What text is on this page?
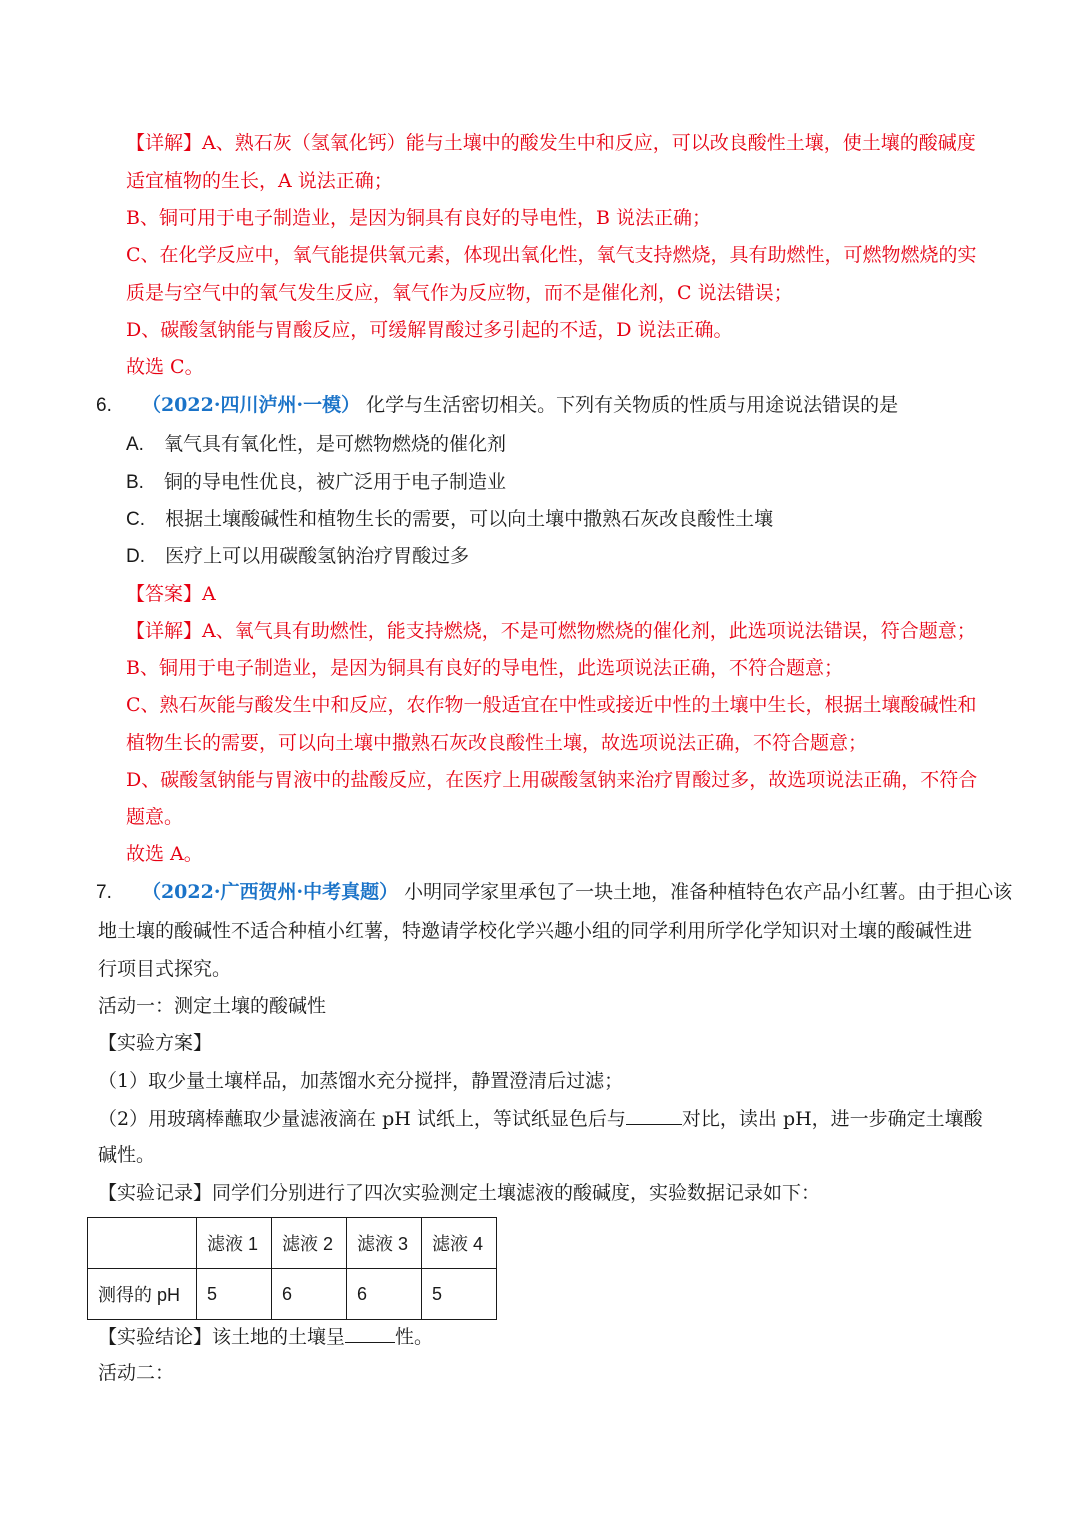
【详解】A、熟石灰（氢氧化钙）能与土壤中的酸发生中和反应，可以改良酸性土壤，使土壤的酸碱度
适宜植物的生长，A 说法正确；
B、铜可用于电子制造业，是因为铜具有良好的导电性，B 说法正确；
C、在化学反应中，氧气能提供氧元素，体现出氧化性，氧气支持燃烧，具有助燃性，可燃物燃烧的实
质是与空气中的氧气发生反应，氧气作为反应物，而不是催化剂，C 说法错误；
D、碳酸氢钠能与胃酸反应，可缓解胃酸过多引起的不适，D 说法正确。
故选 C。
6. （2022·四川泸州·一模） 化学与生活密切相关。下列有关物质的性质与用途说法错误的是
A. 氧气具有氧化性，是可燃物燃烧的催化剂
B. 铜的导电性优良，被广泛用于电子制造业
C. 根据土壤酸碱性和植物生长的需要，可以向土壤中撒熟石灰改良酸性土壤
D. 医疗上可以用碳酸氢钠治疗胃酸过多
【答案】A
【详解】A、氧气具有助燃性，能支持燃烧，不是可燃物燃烧的催化剂，此选项说法错误，符合题意；
B、铜用于电子制造业，是因为铜具有良好的导电性，此选项说法正确，不符合题意；
C、熟石灰能与酸发生中和反应，农作物一般适宜在中性或接近中性的土壤中生长，根据土壤酸碱性和
植物生长的需要，可以向土壤中撒熟石灰改良酸性土壤，故选项说法正确，不符合题意；
D、碳酸氢钠能与胃液中的盐酸反应，在医疗上用碳酸氢钠来治疗胃酸过多，故选项说法正确，不符合
题意。
故选 A。
7. （2022·广西贺州·中考真题） 小明同学家里承包了一块土地，准备种植特色农产品小红薯。由于担心该
地土壤的酸碱性不适合种植小红薯，特邀请学校化学兴趣小组的同学利用所学化学知识对土壤的酸碱性进
行项目式探究。
活动一：测定土壤的酸碱性
【实验方案】
（1）取少量土壤样品，加蒸馏水充分搅拌，静置澄清后过滤；
（2）用玻璃棒蘸取少量滤液滴在 pH 试纸上，等试纸显色后与	对比，读出 pH，进一步确定土壤酸
碱性。
【实验记录】同学们分别进行了四次实验测定土壤滤液的酸碱度，实验数据记录如下：
	滤液 1	滤液 2	滤液 3	滤液 4
测得的 pH	5	6	6	5
【实验结论】该土地的土壤呈	性。
活动二：
